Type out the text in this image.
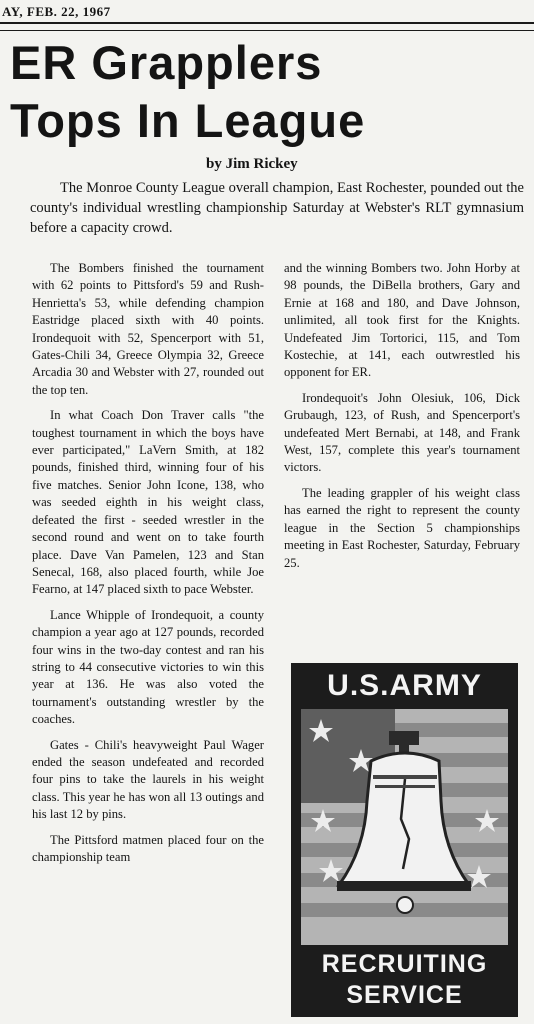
AY, FEB. 22, 1967
ER Grapplers
Tops In League
by Jim Rickey

The Monroe County League overall champion, East Rochester, pounded out the county's individual wrestling championship Saturday at Webster's RLT gymnasium before a capacity crowd.

The Bombers finished the tournament with 62 points to Pittsford's 59 and Rush-Henrietta's 53, while defending champion Eastridge placed sixth with 40 points. Irondequoit with 52, Spencerport with 51, Gates-Chili 34, Greece Olympia 32, Greece Arcadia 30 and Webster with 27, rounded out the top ten.

In what Coach Don Traver calls "the toughest tournament in which the boys have ever participated," LaVern Smith, at 182 pounds, finished third, winning four of his five matches. Senior John Icone, 138, who was seeded eighth in his weight class, defeated the first - seeded wrestler in the second round and went on to take fourth place. Dave Van Pamelen, 123 and Stan Senecal, 168, also placed fourth, while Joe Fearno, at 147 placed sixth to pace Webster.

Lance Whipple of Irondequoit, a county champion a year ago at 127 pounds, recorded four wins in the two-day contest and ran his string to 44 consecutive victories to win this year at 136. He was also voted the tournament's outstanding wrestler by the coaches.

Gates - Chili's heavyweight Paul Wager ended the season undefeated and recorded four pins to take the laurels in his weight class. This year he has won all 13 outings and his last 12 by pins.

The Pittsford matmen placed four on the championship team

and the winning Bombers two. John Horby at 98 pounds, the DiBella brothers, Gary and Ernie at 168 and 180, and Dave Johnson, unlimited, all took first for the Knights. Undefeated Jim Tortorici, 115, and Tom Kostechie, at 141, each outwrestled his opponent for ER.

Irondequoit's John Olesiuk, 106, Dick Grubaugh, 123, of Rush, and Spencerport's undefeated Mert Bernabi, at 148, and Frank West, 157, complete this year's tournament victors.

The leading grappler of his weight class has earned the right to represent the county league in the Section 5 championships meeting in East Rochester, Saturday, February 25.

U.S.ARMY
RECRUITING
SERVICE
